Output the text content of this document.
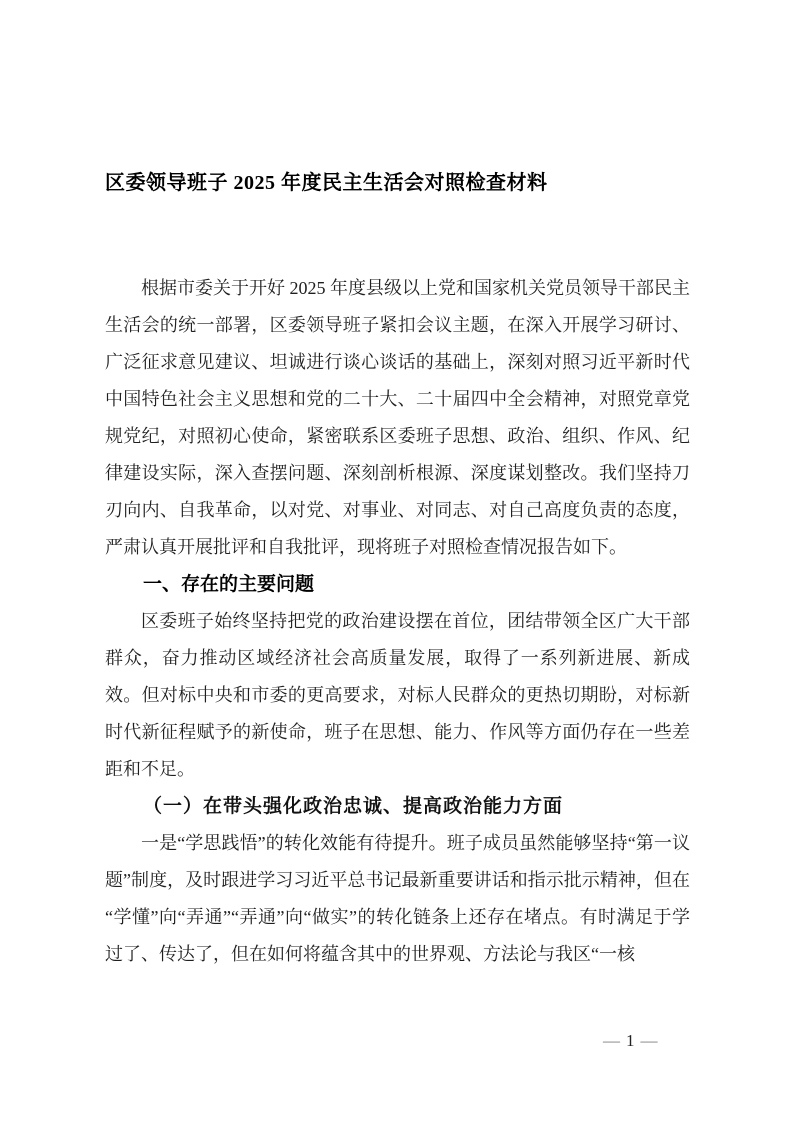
区委领导班子 2025 年度民主生活会对照检查材料

根据市委关于开好 2025 年度县级以上党和国家机关党员领导干部民主生活会的统一部署，区委领导班子紧扣会议主题，在深入开展学习研讨、广泛征求意见建议、坦诚进行谈心谈话的基础上，深刻对照习近平新时代中国特色社会主义思想和党的二十大、二十届四中全会精神，对照党章党规党纪，对照初心使命，紧密联系区委班子思想、政治、组织、作风、纪律建设实际，深入查摆问题、深刻剖析根源、深度谋划整改。我们坚持刀刃向内、自我革命，以对党、对事业、对同志、对自己高度负责的态度，严肃认真开展批评和自我批评，现将班子对照检查情况报告如下。

一、存在的主要问题

区委班子始终坚持把党的政治建设摆在首位，团结带领全区广大干部群众，奋力推动区域经济社会高质量发展，取得了一系列新进展、新成效。但对标中央和市委的更高要求，对标人民群众的更热切期盼，对标新时代新征程赋予的新使命，班子在思想、能力、作风等方面仍存在一些差距和不足。

（一）在带头强化政治忠诚、提高政治能力方面

一是“学思践悟”的转化效能有待提升。班子成员虽然能够坚持“第一议题”制度，及时跟进学习习近平总书记最新重要讲话和指示批示精神，但在“学懂”向“弄通”“弄通”向“做实”的转化链条上还存在堵点。有时满足于学过了、传达了，但在如何将蕴含其中的世界观、方法论与我区“一核

— 1 —
